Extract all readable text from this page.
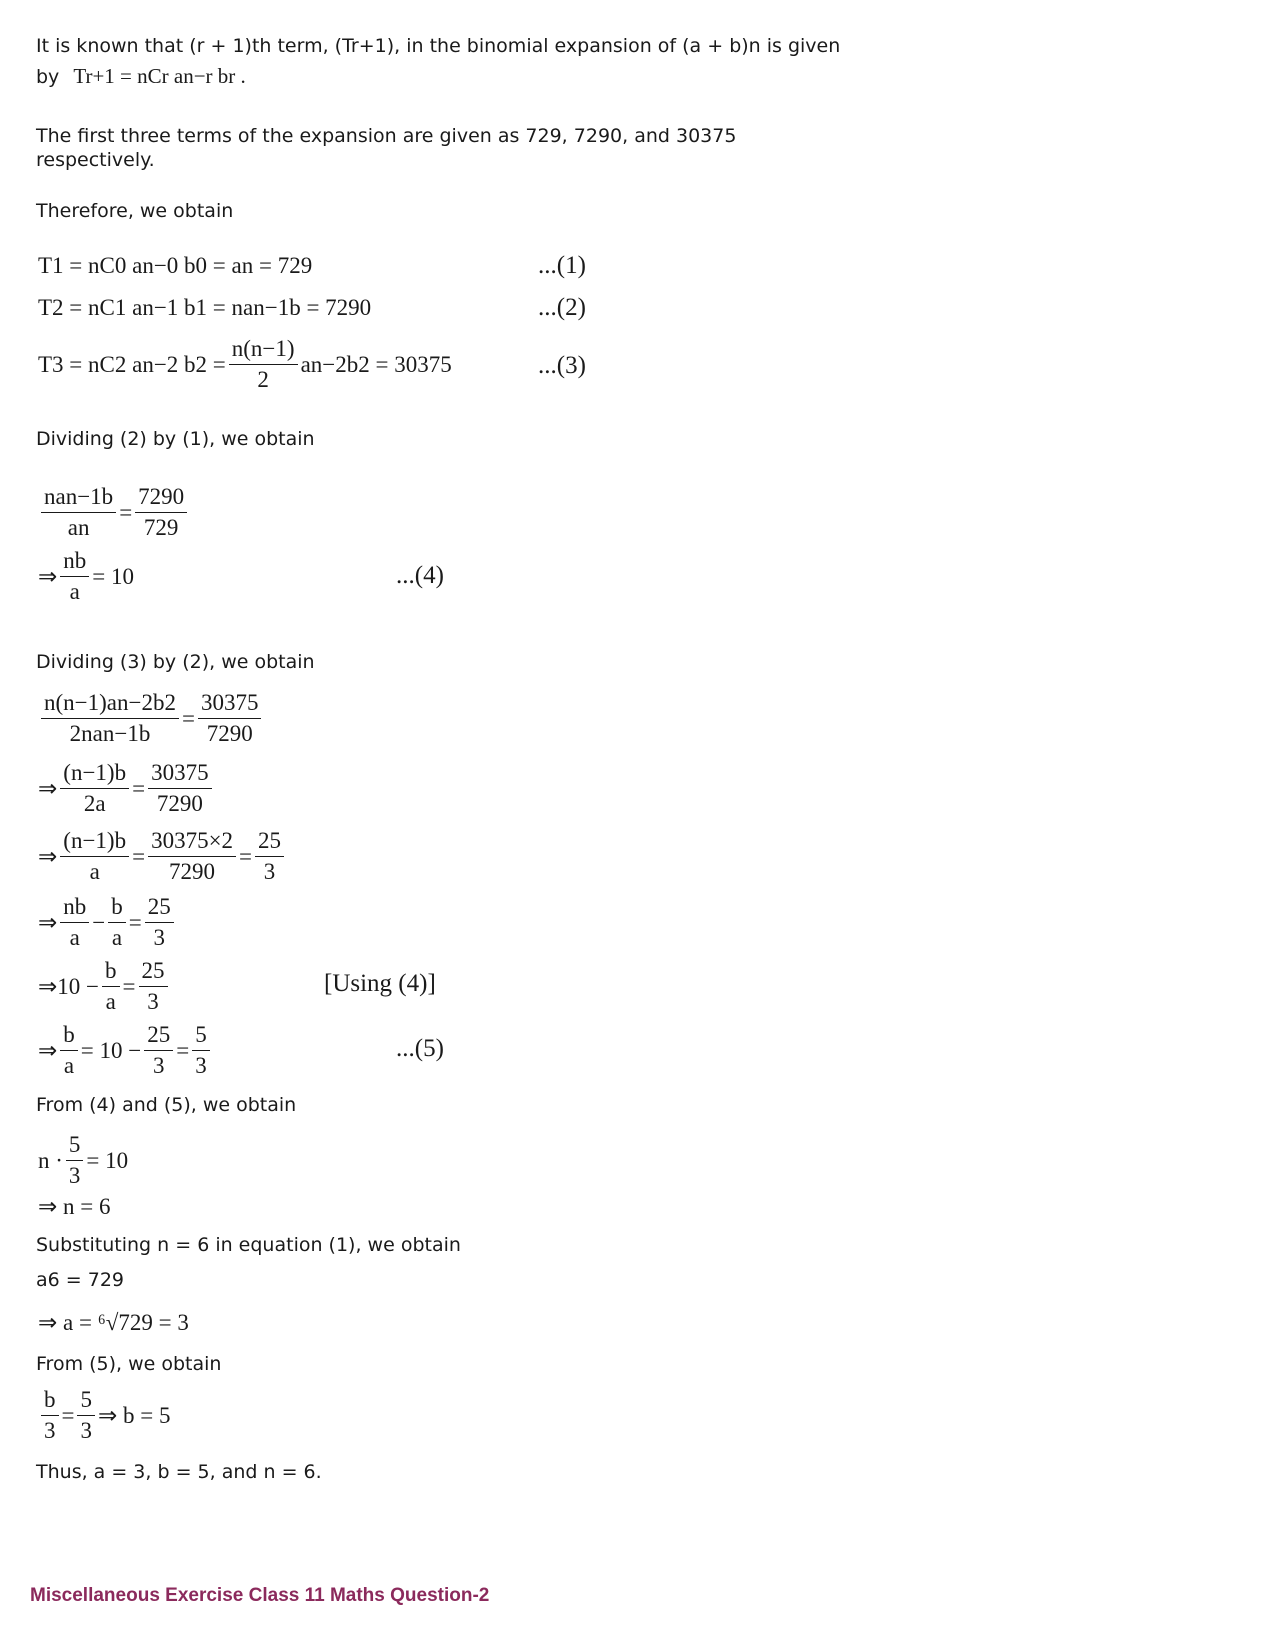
It is known that (r + 1)th term, (Tr+1), in the binomial expansion of (a + b)n is given
by Tr+1 = nCr an−r br .
The first three terms of the expansion are given as 729, 7290, and 30375
respectively.
Therefore, we obtain
T1 = nC0 an−0 b0 = an = 729	...(1)
T2 = nC1 an−1 b1 = nan−1b = 7290	...(2)
T3 = nC2 an−2 $b2 = \frac{n(n-1)}{2} an-2b2 = 30375$	...(3)
Dividing (2) by (1), we obtain
$\frac{\text{nan−1b}}{an} = \frac{7290}{729}$
⇒ $\frac{nb}{a} = 10$	...(4)
Dividing (3) by (2), we obtain
$\frac{n(n-1)an-2b2}{\text{2nan−1b}} = \frac{30375}{7290}$
⇒ $\frac{(n-1)b}{2a} = \frac{30375}{7290}$
⇒ $\frac{(n-1)b}{a} = \frac{30375\times 2}{7290} = \frac{25}{3}$
⇒ $\frac{nb}{a} - \frac{b}{a} = \frac{25}{3}$
⇒ $10 - \frac{b}{a} = \frac{25}{3}$	[Using (4)]
⇒ $\frac{b}{a} = 10 - \frac{25}{3} = \frac{5}{3}$	...(5)
From (4) and (5), we obtain
$n \cdot \frac{5}{3} = 10$
⇒ n = 6
Substituting n = 6 in equation (1), we obtain
a6 = 729
⇒ a = ⁶√729 = 3
From (5), we obtain
$\frac{b}{3} = \frac{5}{3}$ ⇒ b = 5
Thus, a = 3, b = 5, and n = 6.
Miscellaneous Exercise Class 11 Maths Question-2
